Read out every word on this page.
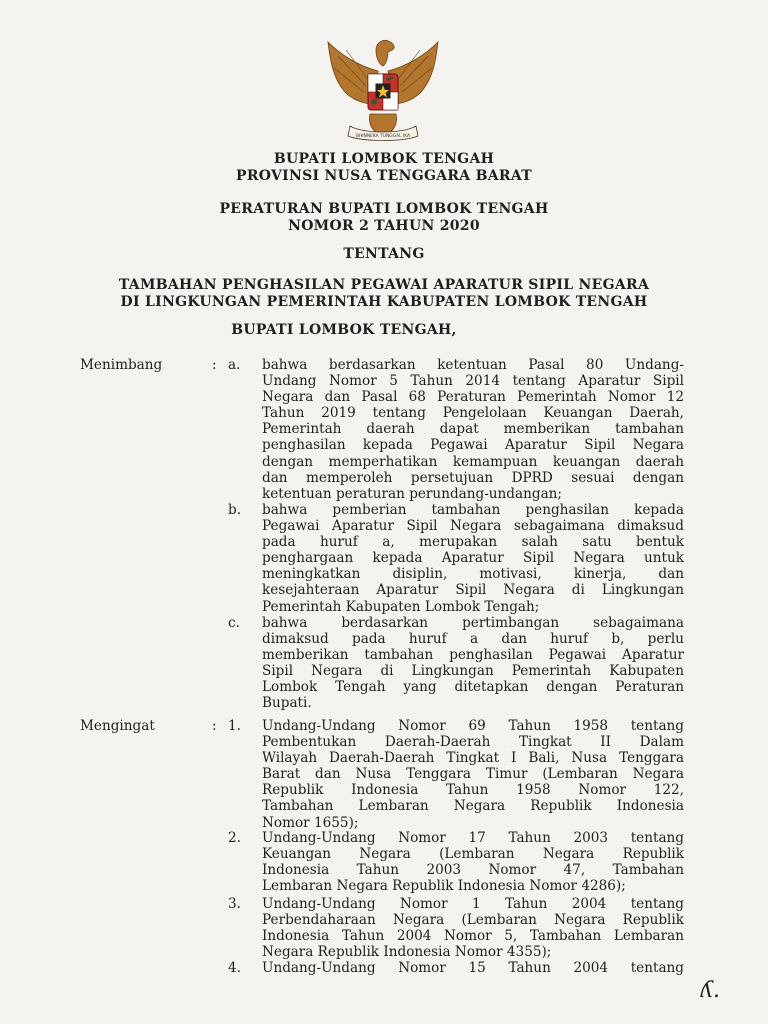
BHINNEKA TUNGGAL IKA
BUPATI LOMBOK TENGAH
PROVINSI NUSA TENGGARA BARAT
PERATURAN BUPATI LOMBOK TENGAH
NOMOR 2 TAHUN 2020
TENTANG
TAMBAHAN PENGHASILAN PEGAWAI APARATUR SIPIL NEGARA
DI LINGKUNGAN PEMERINTAH KABUPATEN LOMBOK TENGAH
BUPATI LOMBOK TENGAH,
Menimbang	: a. bahwa berdasarkan ketentuan Pasal 80 Undang-
Undang Nomor 5 Tahun 2014 tentang Aparatur Sipil
Negara dan Pasal 68 Peraturan Pemerintah Nomor 12
Tahun 2019 tentang Pengelolaan Keuangan Daerah,
Pemerintah daerah dapat memberikan tambahan
penghasilan kepada Pegawai Aparatur Sipil Negara
dengan memperhatikan kemampuan keuangan daerah
dan memperoleh persetujuan DPRD sesuai dengan
ketentuan peraturan perundang-undangan;
b. bahwa pemberian tambahan penghasilan kepada
Pegawai Aparatur Sipil Negara sebagaimana dimaksud
pada huruf a, merupakan salah satu bentuk
penghargaan kepada Aparatur Sipil Negara untuk
meningkatkan disiplin, motivasi, kinerja, dan
kesejahteraan Aparatur Sipil Negara di Lingkungan
Pemerintah Kabupaten Lombok Tengah;
c. bahwa berdasarkan pertimbangan sebagaimana
dimaksud pada huruf a dan huruf b, perlu
memberikan tambahan penghasilan Pegawai Aparatur
Sipil Negara di Lingkungan Pemerintah Kabupaten
Lombok Tengah yang ditetapkan dengan Peraturan
Bupati.
Mengingat	: 1. Undang-Undang Nomor 69 Tahun 1958 tentang
Pembentukan Daerah-Daerah Tingkat II Dalam
Wilayah Daerah-Daerah Tingkat I Bali, Nusa Tenggara
Barat dan Nusa Tenggara Timur (Lembaran Negara
Republik Indonesia Tahun 1958 Nomor 122,
Tambahan Lembaran Negara Republik Indonesia
Nomor 1655);
2. Undang-Undang Nomor 17 Tahun 2003 tentang
Keuangan Negara (Lembaran Negara Republik
Indonesia Tahun 2003 Nomor 47, Tambahan
Lembaran Negara Republik Indonesia Nomor 4286);
3. Undang-Undang Nomor 1 Tahun 2004 tentang
Perbendaharaan Negara (Lembaran Negara Republik
Indonesia Tahun 2004 Nomor 5, Tambahan Lembaran
Negara Republik Indonesia Nomor 4355);
4. Undang-Undang Nomor 15 Tahun 2004 tentang
ʎ.
